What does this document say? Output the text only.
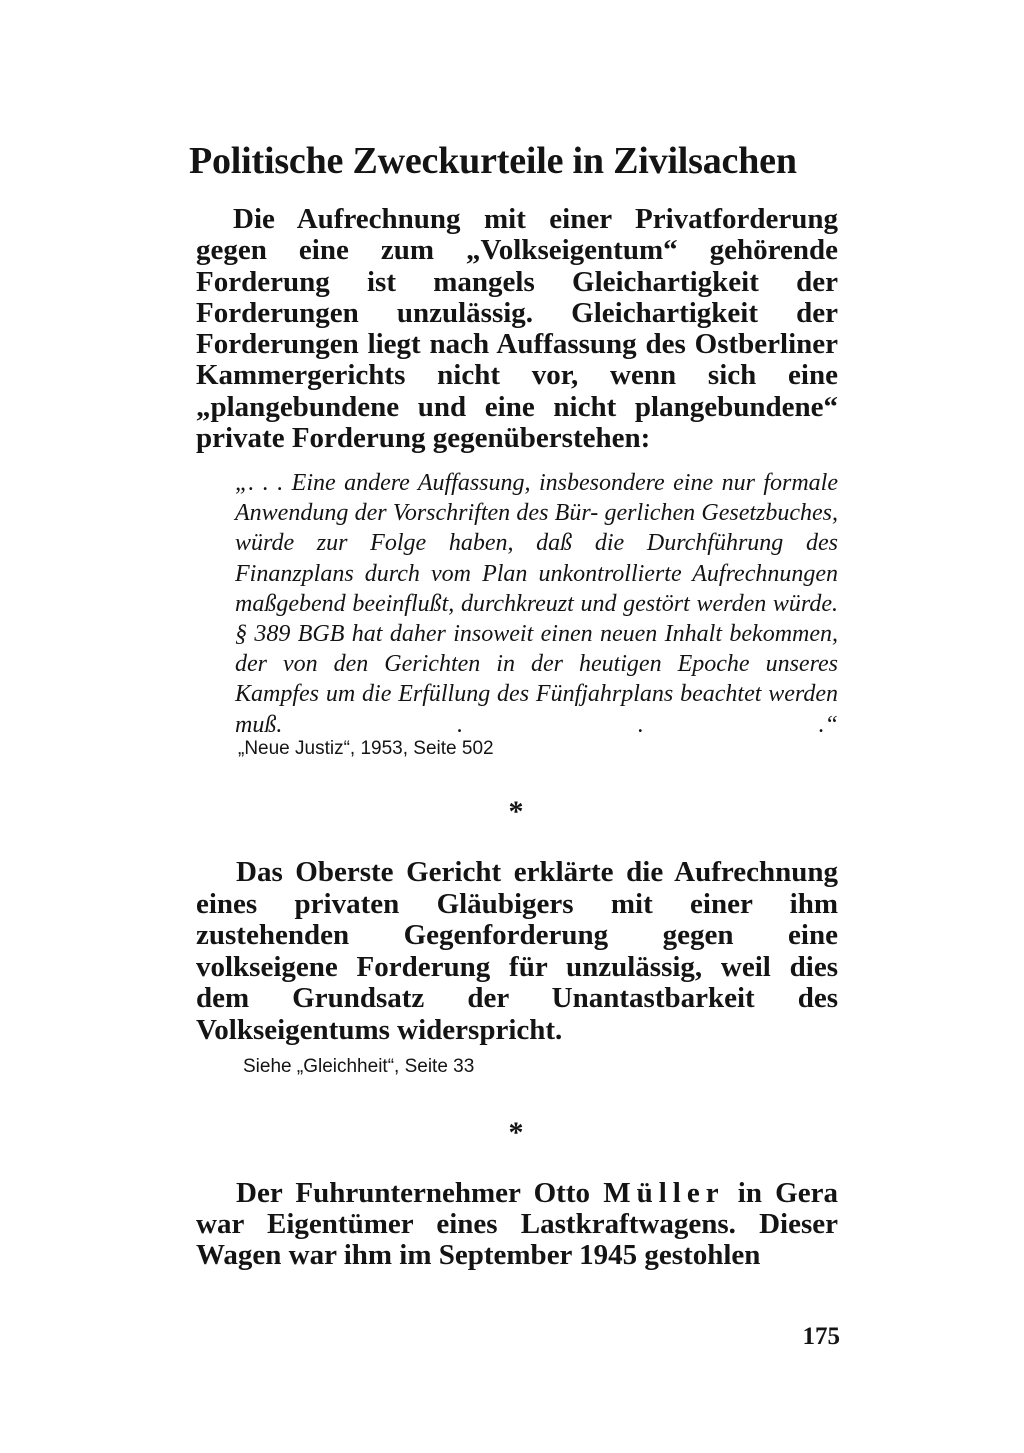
Politische Zweckurteile in Zivilsachen

Die Aufrechnung mit einer Privatforderung gegen eine zum „Volkseigentum“ gehörende Forderung ist mangels Gleichartigkeit der Forderungen unzulässig. Gleichartigkeit der Forderungen liegt nach Auffassung des Ostberliner Kammergerichts nicht vor, wenn sich eine „plangebundene und eine nicht plangebundene“ private Forderung gegenüberstehen:

„. . . Eine andere Auffassung, insbesondere eine nur formale Anwendung der Vorschriften des Bür- gerlichen Gesetzbuches, würde zur Folge haben, daß die Durchführung des Finanzplans durch vom Plan unkontrollierte Aufrechnungen maßgebend beeinflußt, durchkreuzt und gestört werden würde. § 389 BGB hat daher insoweit einen neuen Inhalt bekommen, der von den Gerichten in der heutigen Epoche unseres Kampfes um die Erfüllung des Fünfjahrplans beachtet werden muß. . . .“

„Neue Justiz“, 1953, Seite 502

*

Das Oberste Gericht erklärte die Aufrechnung eines privaten Gläubigers mit einer ihm zustehenden Gegenforderung gegen eine volkseigene Forderung für unzulässig, weil dies dem Grundsatz der Unantastbarkeit des Volkseigentums widerspricht.

Siehe „Gleichheit“, Seite 33

*

Der Fuhrunternehmer Otto Müller in Gera war Eigentümer eines Lastkraftwagens. Dieser Wagen war ihm im September 1945 gestohlen

175
